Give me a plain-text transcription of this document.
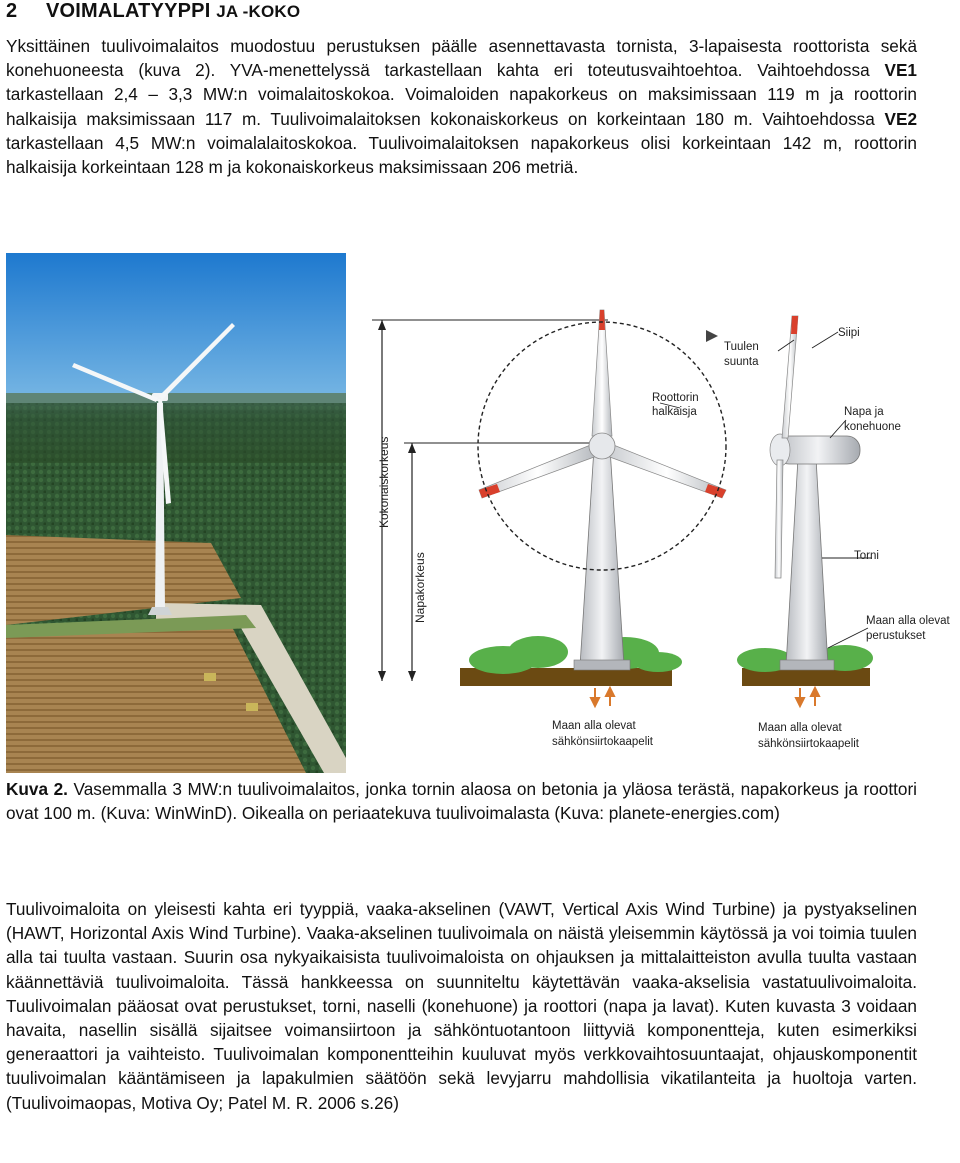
2 VOIMALATYYPPI JA -KOKO

Yksittäinen tuulivoimalaitos muodostuu perustuksen päälle asennettavasta tornista, 3-lapaisesta roottorista sekä konehuoneesta (kuva 2). YVA-menettelyssä tarkastellaan kahta eri toteutusvaihtoehtoa. Vaihtoehdossa VE1 tarkastellaan 2,4 – 3,3 MW:n voimalaitoskokoa. Voimaloiden napakorkeus on maksimissaan 119 m ja roottorin halkaisija maksimissaan 117 m. Tuulivoimalaitoksen kokonaiskorkeus on korkeintaan 180 m. Vaihtoehdossa VE2 tarkastellaan 4,5 MW:n voimalalaitoskokoa. Tuulivoimalaitoksen napakorkeus olisi korkeintaan 142 m, roottorin halkaisija korkeintaan 128 m ja kokonaiskorkeus maksimissaan 206 metriä.

Kokonaiskorkeus
Napakorkeus
Tuulen
suunta
Roottorin
halkaisja
Siipi
Napa ja
konehuone
Torni
Maan alla olevat
perustukset
Maan alla olevat
sähkönsiirtokaapelit
Maan alla olevat
sähkönsiirtokaapelit

Kuva 2. Vasemmalla 3 MW:n tuulivoimalaitos, jonka tornin alaosa on betonia ja yläosa terästä, napakorkeus ja roottori ovat 100 m. (Kuva: WinWinD). Oikealla on periaatekuva tuulivoimalasta (Kuva: planete-energies.com)

Tuulivoimaloita on yleisesti kahta eri tyyppiä, vaaka-akselinen (VAWT, Vertical Axis Wind Turbine) ja pystyakselinen (HAWT, Horizontal Axis Wind Turbine). Vaaka-akselinen tuulivoimala on näistä yleisemmin käytössä ja voi toimia tuulen alla tai tuulta vastaan. Suurin osa nykyaikaisista tuulivoimaloista on ohjauksen ja mittalaitteiston avulla tuulta vastaan käännettäviä tuulivoimaloita. Tässä hankkeessa on suunniteltu käytettävän vaaka-akselisia vastatuulivoimaloita. Tuulivoimalan pääosat ovat perustukset, torni, naselli (konehuone) ja roottori (napa ja lavat). Kuten kuvasta 3 voidaan havaita, nasellin sisällä sijaitsee voimansiirtoon ja sähköntuotantoon liittyviä komponentteja, kuten esimerkiksi generaattori ja vaihteisto. Tuulivoimalan komponentteihin kuuluvat myös verkkovaihtosuuntaajat, ohjauskomponentit tuulivoimalan kääntämiseen ja lapakulmien säätöön sekä levyjarru mahdollisia vikatilanteita ja huoltoja varten. (Tuulivoimaopas, Motiva Oy; Patel M. R. 2006 s.26)
